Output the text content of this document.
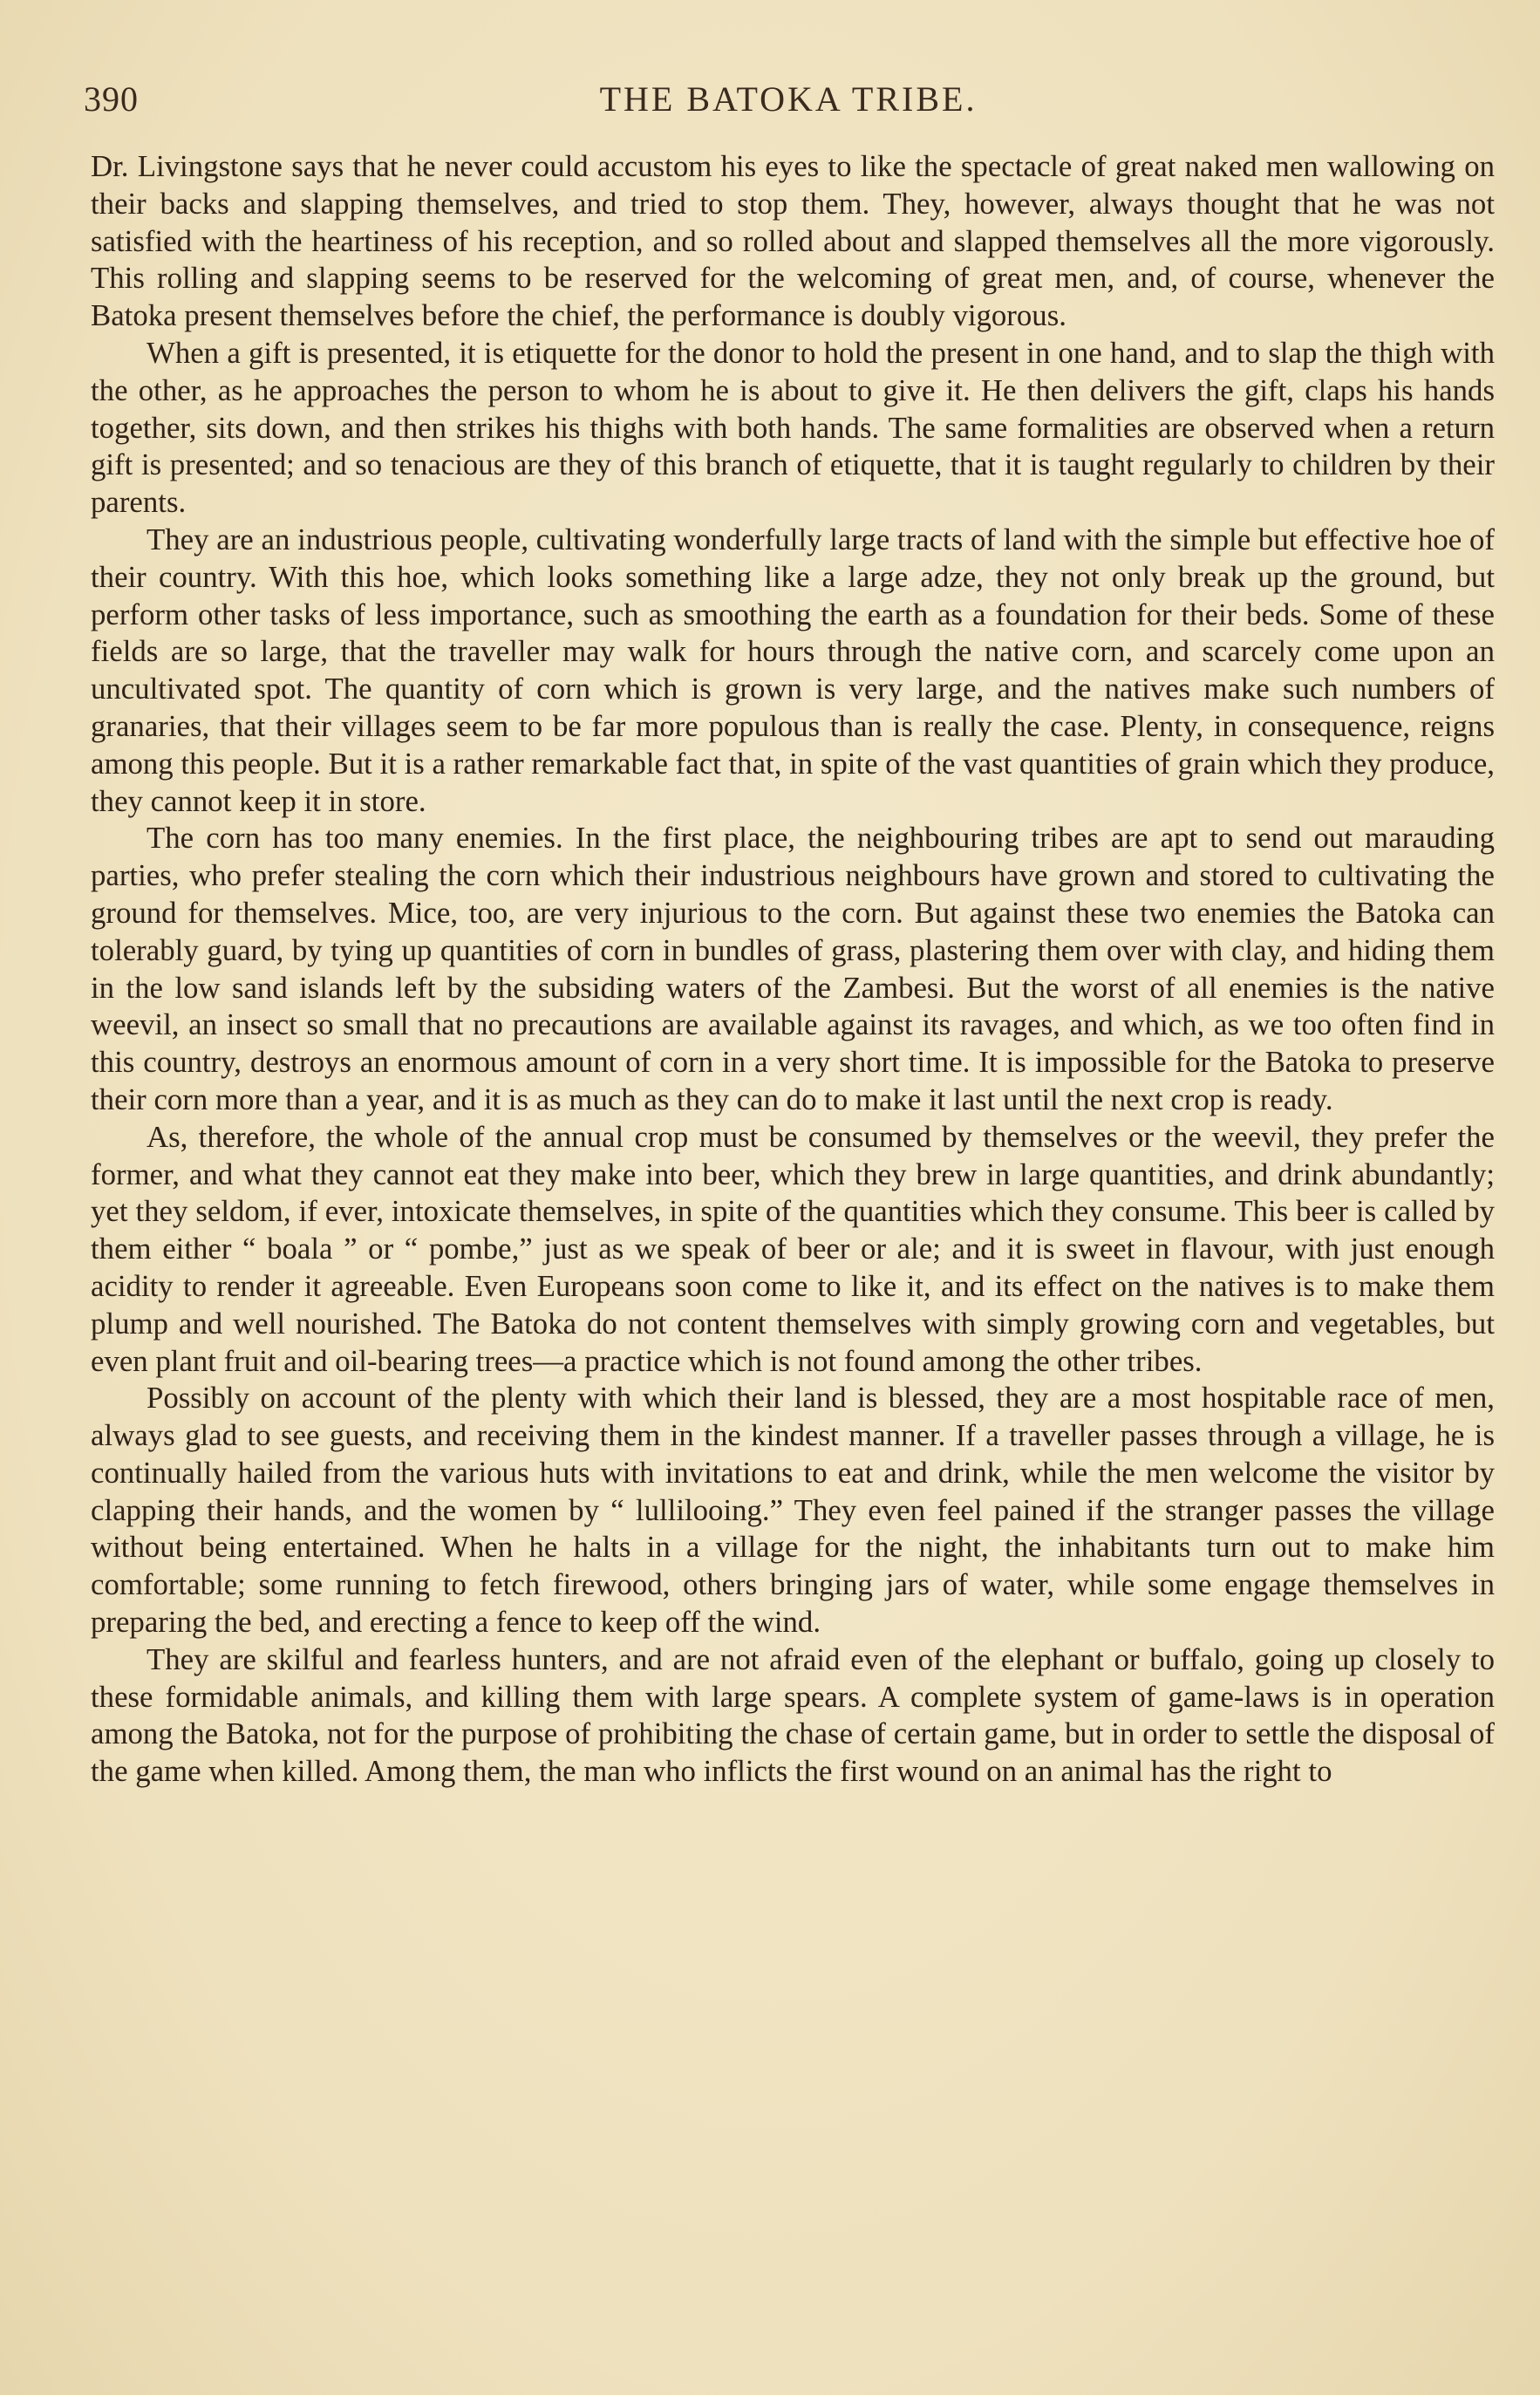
390	THE BATOKA TRIBE.

Dr. Livingstone says that he never could accustom his eyes to like the spectacle of great naked men wallowing on their backs and slapping themselves, and tried to stop them. They, however, always thought that he was not satisfied with the heartiness of his reception, and so rolled about and slapped themselves all the more vigorously. This rolling and slapping seems to be reserved for the welcoming of great men, and, of course, whenever the Batoka present themselves before the chief, the performance is doubly vigorous.

When a gift is presented, it is etiquette for the donor to hold the present in one hand, and to slap the thigh with the other, as he approaches the person to whom he is about to give it. He then delivers the gift, claps his hands together, sits down, and then strikes his thighs with both hands. The same formalities are observed when a return gift is presented; and so tenacious are they of this branch of etiquette, that it is taught regularly to children by their parents.

They are an industrious people, cultivating wonderfully large tracts of land with the simple but effective hoe of their country. With this hoe, which looks something like a large adze, they not only break up the ground, but perform other tasks of less importance, such as smoothing the earth as a foundation for their beds. Some of these fields are so large, that the traveller may walk for hours through the native corn, and scarcely come upon an uncultivated spot. The quantity of corn which is grown is very large, and the natives make such numbers of granaries, that their villages seem to be far more populous than is really the case. Plenty, in consequence, reigns among this people. But it is a rather remarkable fact that, in spite of the vast quantities of grain which they produce, they cannot keep it in store.

The corn has too many enemies. In the first place, the neighbouring tribes are apt to send out marauding parties, who prefer stealing the corn which their industrious neighbours have grown and stored to cultivating the ground for themselves. Mice, too, are very injurious to the corn. But against these two enemies the Batoka can tolerably guard, by tying up quantities of corn in bundles of grass, plastering them over with clay, and hiding them in the low sand islands left by the subsiding waters of the Zambesi. But the worst of all enemies is the native weevil, an insect so small that no precautions are available against its ravages, and which, as we too often find in this country, destroys an enormous amount of corn in a very short time. It is impossible for the Batoka to preserve their corn more than a year, and it is as much as they can do to make it last until the next crop is ready.

As, therefore, the whole of the annual crop must be consumed by themselves or the weevil, they prefer the former, and what they cannot eat they make into beer, which they brew in large quantities, and drink abundantly; yet they seldom, if ever, intoxicate themselves, in spite of the quantities which they consume. This beer is called by them either “ boala ” or “ pombe,” just as we speak of beer or ale; and it is sweet in flavour, with just enough acidity to render it agreeable. Even Europeans soon come to like it, and its effect on the natives is to make them plump and well nourished. The Batoka do not content themselves with simply growing corn and vegetables, but even plant fruit and oil-bearing trees—a practice which is not found among the other tribes.

Possibly on account of the plenty with which their land is blessed, they are a most hospitable race of men, always glad to see guests, and receiving them in the kindest manner. If a traveller passes through a village, he is continually hailed from the various huts with invitations to eat and drink, while the men welcome the visitor by clapping their hands, and the women by “ lullilooing.” They even feel pained if the stranger passes the village without being entertained. When he halts in a village for the night, the inhabitants turn out to make him comfortable; some running to fetch firewood, others bringing jars of water, while some engage themselves in preparing the bed, and erecting a fence to keep off the wind.

They are skilful and fearless hunters, and are not afraid even of the elephant or buffalo, going up closely to these formidable animals, and killing them with large spears. A complete system of game-laws is in operation among the Batoka, not for the purpose of prohibiting the chase of certain game, but in order to settle the disposal of the game when killed. Among them, the man who inflicts the first wound on an animal has the right to
